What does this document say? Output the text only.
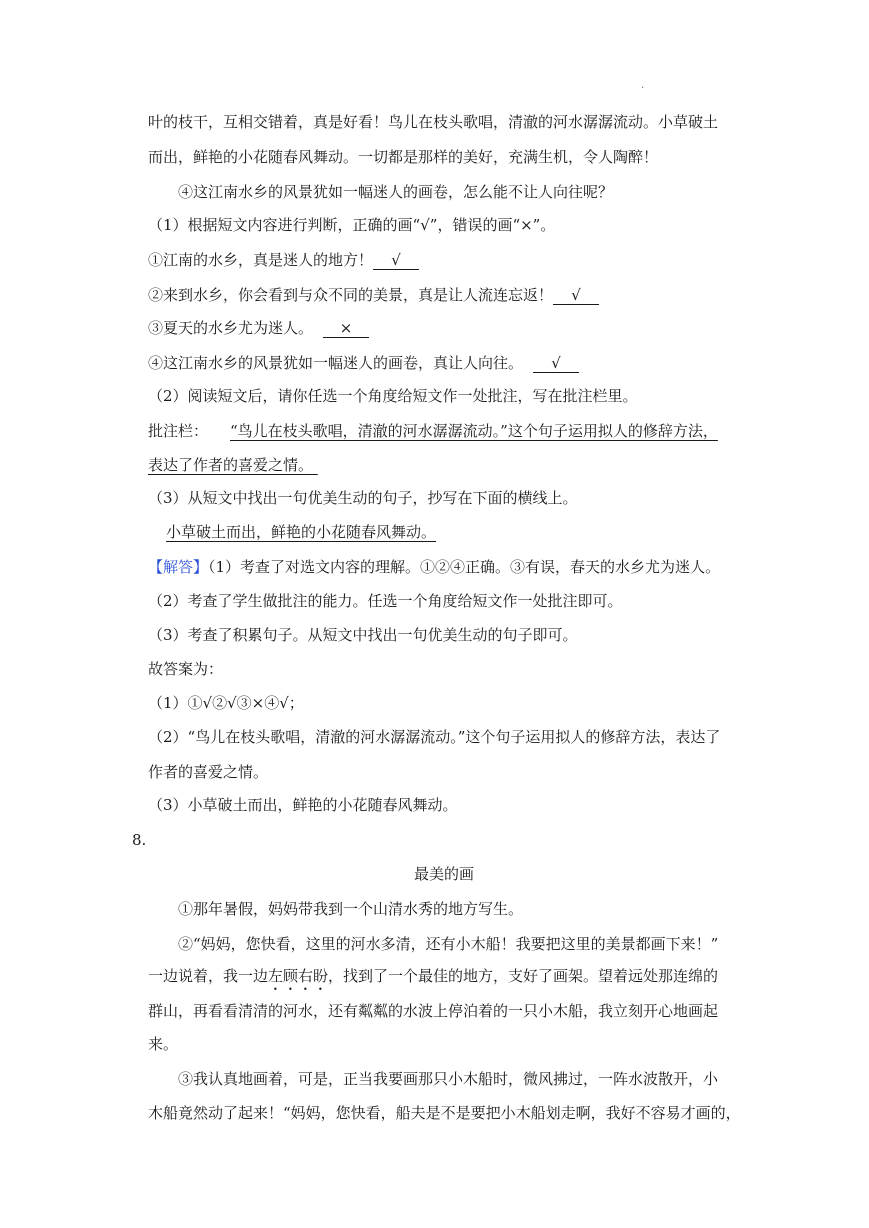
.
叶的枝干，互相交错着，真是好看！鸟儿在枝头歌唱，清澈的河水潺潺流动。小草破土
而出，鲜艳的小花随春风舞动。一切都是那样的美好，充满生机，令人陶醉！
④这江南水乡的风景犹如一幅迷人的画卷，怎么能不让人向往呢？
（1）根据短文内容进行判断，正确的画“√”，错误的画“×”。
①江南的水乡，真是迷人的地方！ √
②来到水乡，你会看到与众不同的美景，真是让人流连忘返！ √
③夏天的水乡尤为迷人。 ×
④这江南水乡的风景犹如一幅迷人的画卷，真让人向往。 √
（2）阅读短文后，请你任选一个角度给短文作一处批注，写在批注栏里。
批注栏： “鸟儿在枝头歌唱，清澈的河水潺潺流动。”这个句子运用拟人的修辞方法，
表达了作者的喜爱之情。
（3）从短文中找出一句优美生动的句子，抄写在下面的横线上。
小草破土而出，鲜艳的小花随春风舞动。
【解答】（1）考查了对选文内容的理解。①②④正确。③有误，春天的水乡尤为迷人。
（2）考查了学生做批注的能力。任选一个角度给短文作一处批注即可。
（3）考查了积累句子。从短文中找出一句优美生动的句子即可。
故答案为：
（1）①√②√③×④√；
（2）“鸟儿在枝头歌唱，清澈的河水潺潺流动。”这个句子运用拟人的修辞方法，表达了
作者的喜爱之情。
（3）小草破土而出，鲜艳的小花随春风舞动。
8.
最美的画
①那年暑假，妈妈带我到一个山清水秀的地方写生。
②“妈妈，您快看，这里的河水多清，还有小木船！我要把这里的美景都画下来！”
一边说着，我一边左顾右盼，找到了一个最佳的地方，支好了画架。望着远处那连绵的
群山，再看看清清的河水，还有粼粼的水波上停泊着的一只小木船，我立刻开心地画起
来。
③我认真地画着，可是，正当我要画那只小木船时，微风拂过，一阵水波散开，小
木船竟然动了起来！“妈妈，您快看，船夫是不是要把小木船划走啊，我好不容易才画的，
